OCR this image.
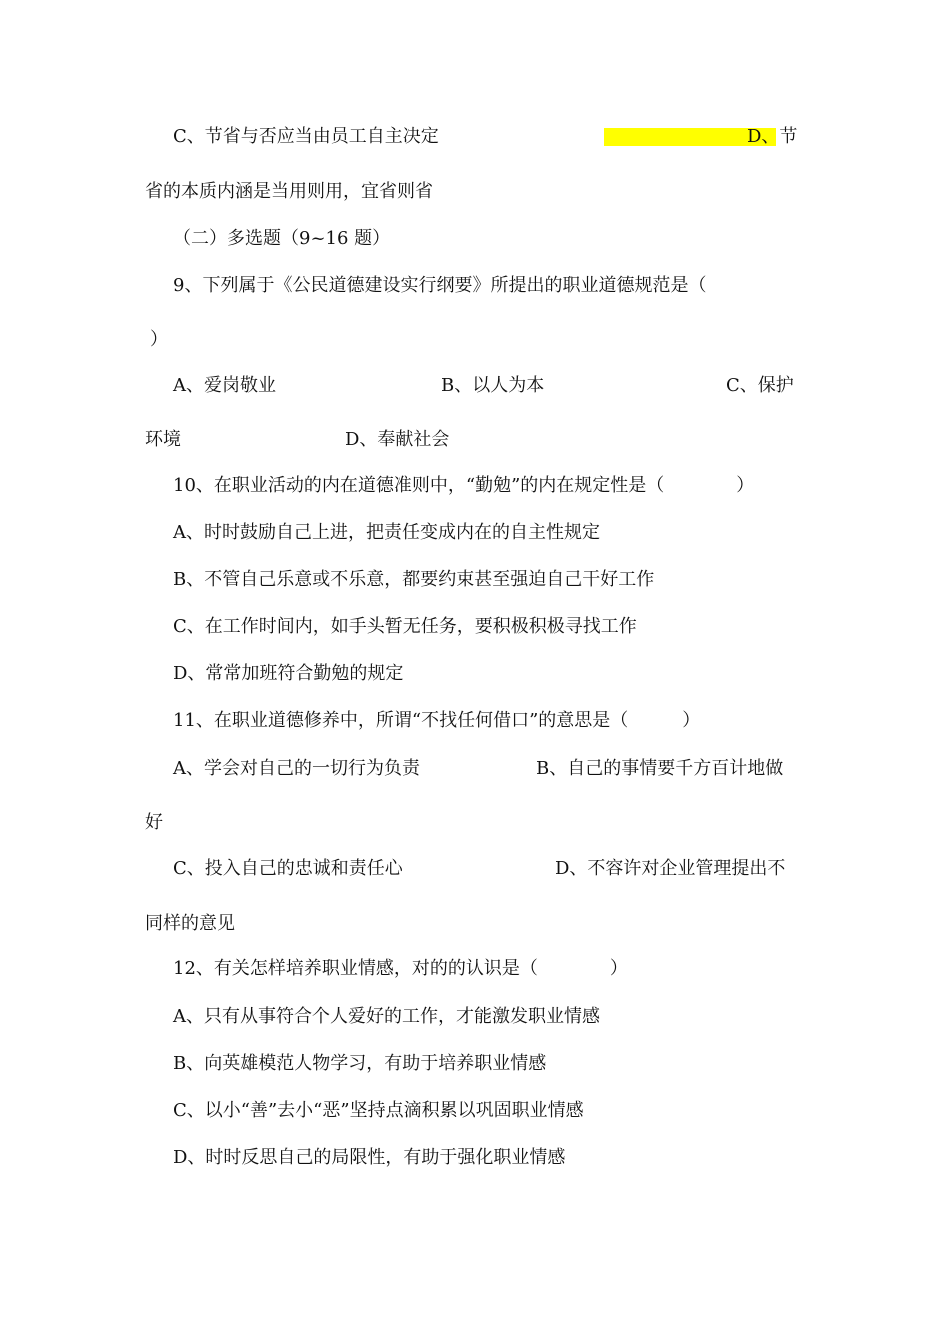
C、节省与否应当由员工自主决定	D、节
省的本质内涵是当用则用，宜省则省
（二）多选题（9~16 题）
9、下列属于《公民道德建设实行纲要》所提出的职业道德规范是（
）
A、爱岗敬业	B、以人为本	C、保护
环境	D、奉献社会
10、在职业活动的内在道德准则中，“勤勉”的内在规定性是（　　　　）
A、时时鼓励自己上进，把责任变成内在的自主性规定
B、不管自己乐意或不乐意，都要约束甚至强迫自己干好工作
C、在工作时间内，如手头暂无任务，要积极积极寻找工作
D、常常加班符合勤勉的规定
11、在职业道德修养中，所谓“不找任何借口”的意思是（　　　）
A、学会对自己的一切行为负责	B、自己的事情要千方百计地做
好
C、投入自己的忠诚和责任心	D、不容许对企业管理提出不
同样的意见
12、有关怎样培养职业情感，对的的认识是（　　　　）
A、只有从事符合个人爱好的工作，才能激发职业情感
B、向英雄模范人物学习，有助于培养职业情感
C、以小“善”去小“恶”坚持点滴积累以巩固职业情感
D、时时反思自己的局限性，有助于强化职业情感
